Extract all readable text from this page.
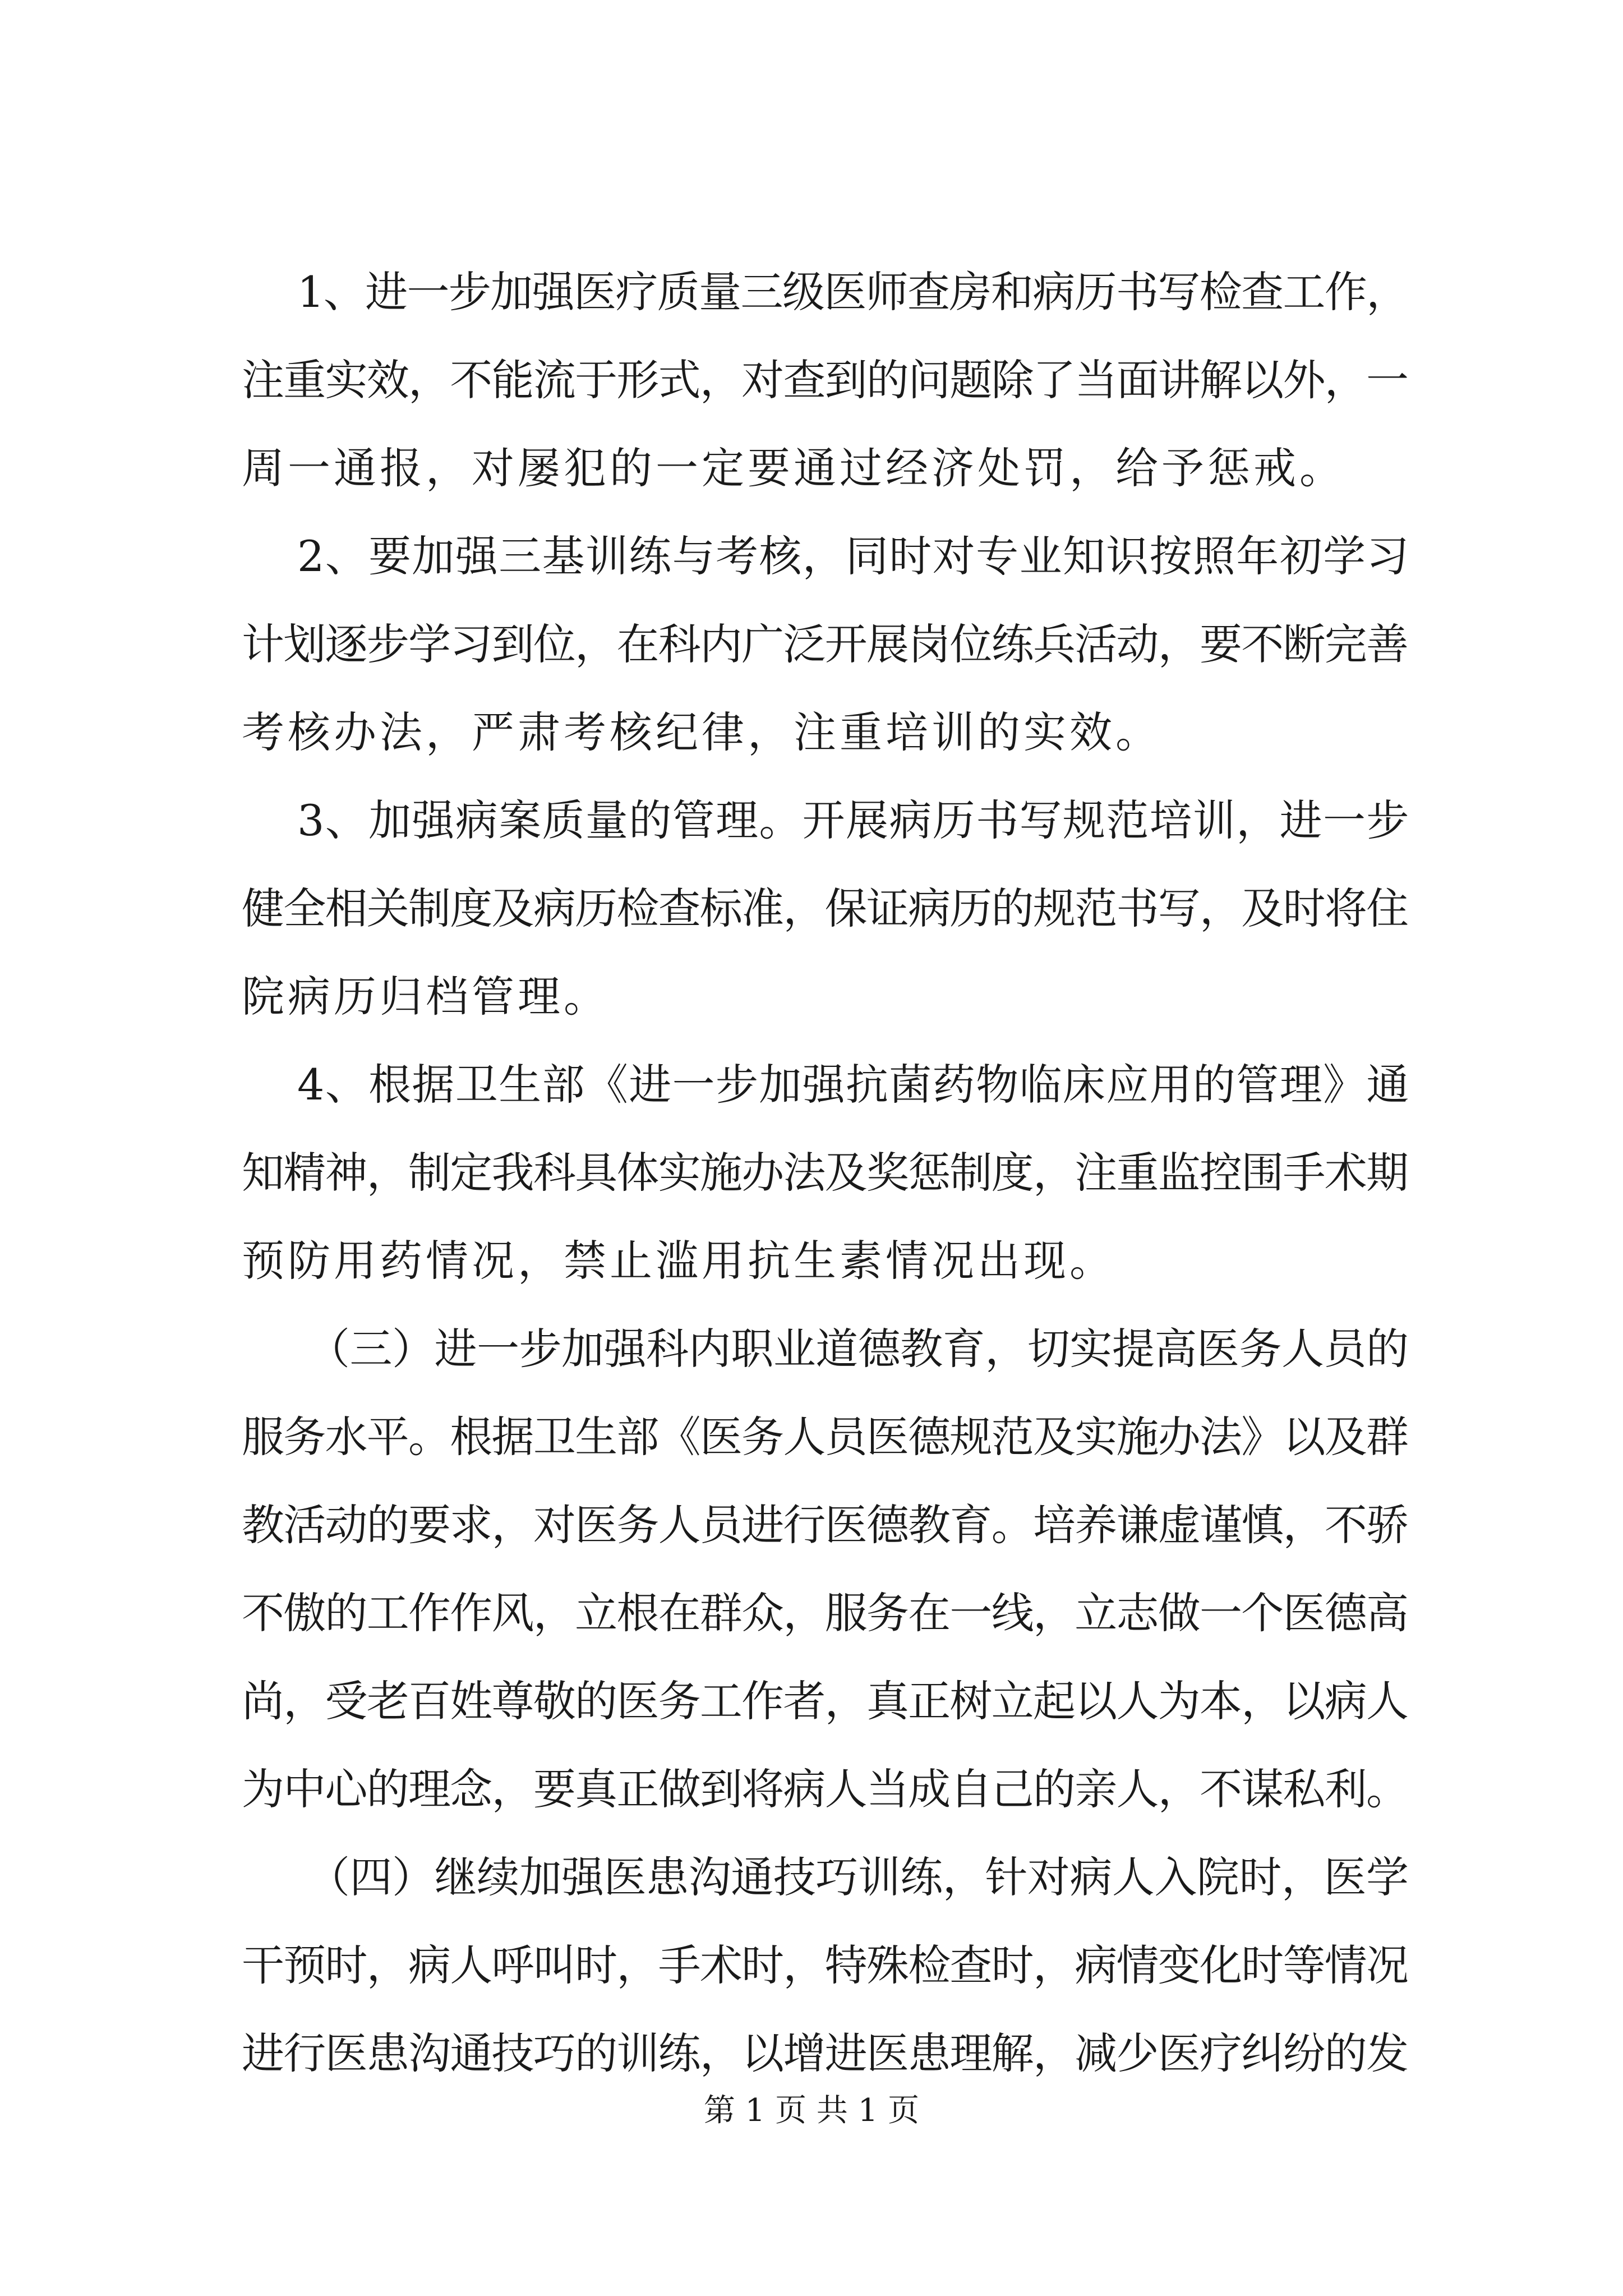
1、进一步加强医疗质量三级医师查房和病历书写检查工作，

注重实效，不能流于形式，对查到的问题除了当面讲解以外，一

周一通报，对屡犯的一定要通过经济处罚，给予惩戒。

2、要加强三基训练与考核，同时对专业知识按照年初学习

计划逐步学习到位，在科内广泛开展岗位练兵活动，要不断完善

考核办法，严肃考核纪律，注重培训的实效。

3、加强病案质量的管理。开展病历书写规范培训，进一步

健全相关制度及病历检查标准，保证病历的规范书写，及时将住

院病历归档管理。

4、根据卫生部《进一步加强抗菌药物临床应用的管理》通

知精神，制定我科具体实施办法及奖惩制度，注重监控围手术期

预防用药情况，禁止滥用抗生素情况出现。

（三）进一步加强科内职业道德教育，切实提高医务人员的

服务水平。根据卫生部《医务人员医德规范及实施办法》以及群

教活动的要求，对医务人员进行医德教育。培养谦虚谨慎，不骄

不傲的工作作风，立根在群众，服务在一线，立志做一个医德高

尚，受老百姓尊敬的医务工作者，真正树立起以人为本，以病人

为中心的理念，要真正做到将病人当成自己的亲人，不谋私利。

（四）继续加强医患沟通技巧训练，针对病人入院时，医学

干预时，病人呼叫时，手术时，特殊检查时，病情变化时等情况

进行医患沟通技巧的训练，以增进医患理解，减少医疗纠纷的发

第 1 页 共 1 页
